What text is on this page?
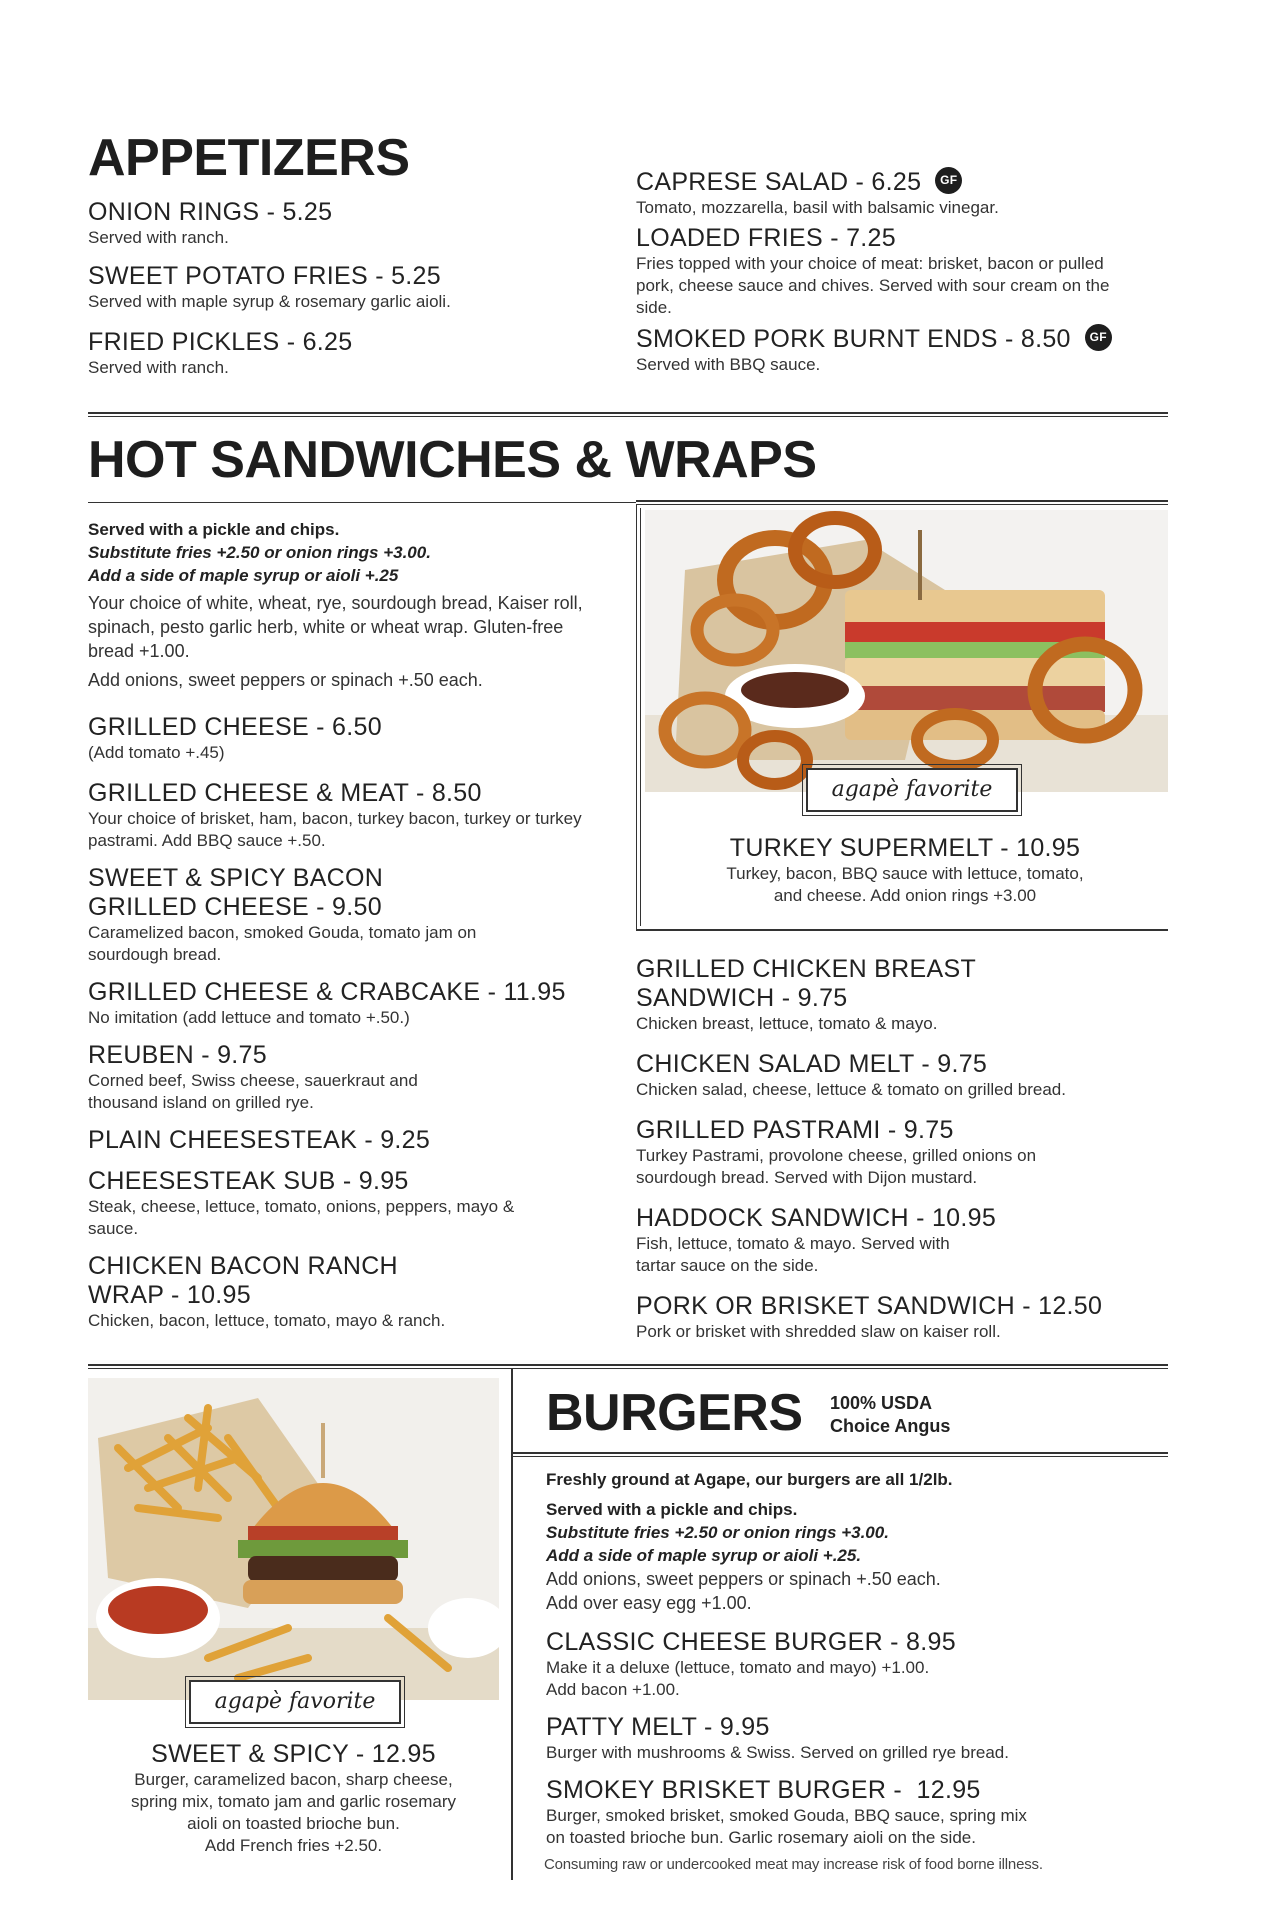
APPETIZERS
ONION RINGS - 5.25
Served with ranch.
SWEET POTATO FRIES - 5.25
Served with maple syrup & rosemary garlic aioli.
FRIED PICKLES - 6.25
Served with ranch.
CAPRESE SALAD - 6.25 GF
Tomato, mozzarella, basil with balsamic vinegar.
LOADED FRIES - 7.25
Fries topped with your choice of meat: brisket, bacon or pulled pork, cheese sauce and chives. Served with sour cream on the side.
SMOKED PORK BURNT ENDS - 8.50 GF
Served with BBQ sauce.
HOT SANDWICHES & WRAPS
Served with a pickle and chips.
Substitute fries +2.50 or onion rings +3.00.
Add a side of maple syrup or aioli +.25
Your choice of white, wheat, rye, sourdough bread, Kaiser roll, spinach, pesto garlic herb, white or wheat wrap. Gluten-free bread +1.00.
Add onions, sweet peppers or spinach +.50 each.
GRILLED CHEESE - 6.50
(Add tomato +.45)
GRILLED CHEESE & MEAT - 8.50
Your choice of brisket, ham, bacon, turkey bacon, turkey or turkey pastrami. Add BBQ sauce +.50.
SWEET & SPICY BACON GRILLED CHEESE - 9.50
Caramelized bacon, smoked Gouda, tomato jam on sourdough bread.
GRILLED CHEESE & CRABCAKE - 11.95
No imitation (add lettuce and tomato +.50.)
REUBEN - 9.75
Corned beef, Swiss cheese, sauerkraut and thousand island on grilled rye.
PLAIN CHEESESTEAK - 9.25
CHEESESTEAK SUB - 9.95
Steak, cheese, lettuce, tomato, onions, peppers, mayo & sauce.
CHICKEN BACON RANCH WRAP - 10.95
Chicken, bacon, lettuce, tomato, mayo & ranch.
agapè favorite
TURKEY SUPERMELT - 10.95
Turkey, bacon, BBQ sauce with lettuce, tomato, and cheese. Add onion rings +3.00
GRILLED CHICKEN BREAST SANDWICH - 9.75
Chicken breast, lettuce, tomato & mayo.
CHICKEN SALAD MELT - 9.75
Chicken salad, cheese, lettuce & tomato on grilled bread.
GRILLED PASTRAMI - 9.75
Turkey Pastrami, provolone cheese, grilled onions on sourdough bread. Served with Dijon mustard.
HADDOCK SANDWICH - 10.95
Fish, lettuce, tomato & mayo. Served with tartar sauce on the side.
PORK OR BRISKET SANDWICH - 12.50
Pork or brisket with shredded slaw on kaiser roll.
agapè favorite
SWEET & SPICY - 12.95
Burger, caramelized bacon, sharp cheese,
spring mix, tomato jam and garlic rosemary
aioli on toasted brioche bun.
Add French fries +2.50.
BURGERS 100% USDA
Choice Angus
Freshly ground at Agape, our burgers are all 1/2lb.
Served with a pickle and chips.
Substitute fries +2.50 or onion rings +3.00.
Add a side of maple syrup or aioli +.25.
Add onions, sweet peppers or spinach +.50 each.
Add over easy egg +1.00.
CLASSIC CHEESE BURGER - 8.95
Make it a deluxe (lettuce, tomato and mayo) +1.00.
Add bacon +1.00.
PATTY MELT - 9.95
Burger with mushrooms & Swiss. Served on grilled rye bread.
SMOKEY BRISKET BURGER -  12.95
Burger, smoked brisket, smoked Gouda, BBQ sauce, spring mix
on toasted brioche bun. Garlic rosemary aioli on the side.
Consuming raw or undercooked meat may increase risk of food borne illness.
